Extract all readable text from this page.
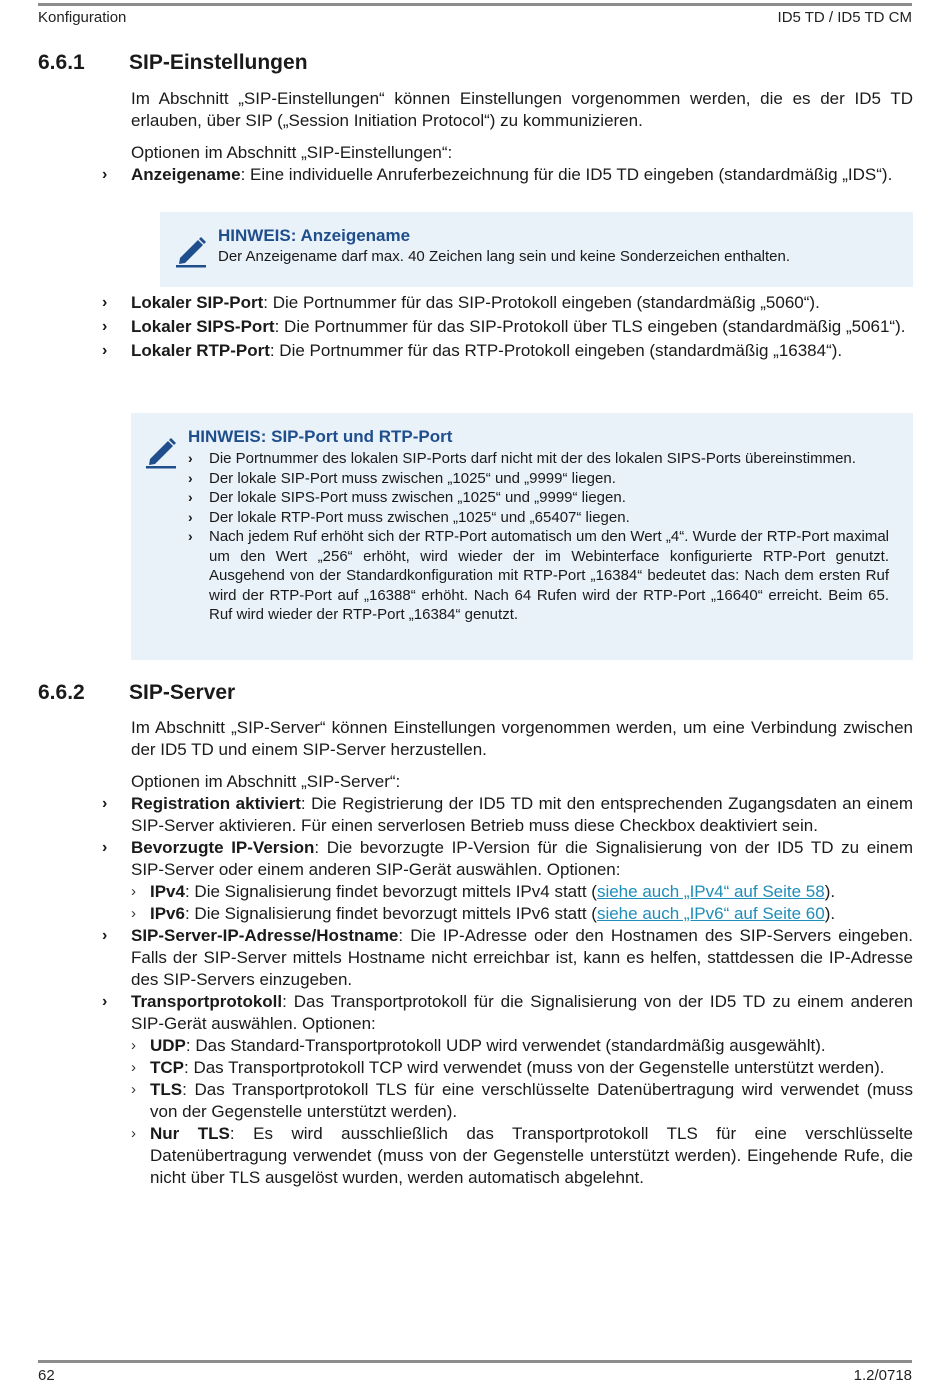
Konfiguration	ID5 TD / ID5 TD CM
6.6.1 SIP-Einstellungen

Im Abschnitt „SIP-Einstellungen“ können Einstellungen vorgenommen werden, die es der ID5 TD erlauben, über SIP („Session Initiation Protocol“) zu kommunizieren.

Optionen im Abschnitt „SIP-Einstellungen“:

› Anzeigename: Eine individuelle Anruferbezeichnung für die ID5 TD eingeben (standardmäßig „IDS“).
HINWEIS: Anzeigename
Der Anzeigename darf max. 40 Zeichen lang sein und keine Sonderzeichen enthalten.
› Lokaler SIP-Port: Die Portnummer für das SIP-Protokoll eingeben (standardmäßig „5060“).
› Lokaler SIPS-Port: Die Portnummer für das SIP-Protokoll über TLS eingeben (standardmäßig „5061“).
› Lokaler RTP-Port: Die Portnummer für das RTP-Protokoll eingeben (standardmäßig „16384“).
HINWEIS: SIP-Port und RTP-Port
› Die Portnummer des lokalen SIP-Ports darf nicht mit der des lokalen SIPS-Ports übereinstimmen.
› Der lokale SIP-Port muss zwischen „1025“ und „9999“ liegen.
› Der lokale SIPS-Port muss zwischen „1025“ und „9999“ liegen.
› Der lokale RTP-Port muss zwischen „1025“ und „65407“ liegen.
› Nach jedem Ruf erhöht sich der RTP-Port automatisch um den Wert „4“. Wurde der RTP-Port maximal um den Wert „256“ erhöht, wird wieder der im Webinterface konfigurierte RTP-Port genutzt. Ausgehend von der Standardkonfiguration mit RTP-Port „16384“ bedeutet das: Nach dem ersten Ruf wird der RTP-Port auf „16388“ erhöht. Nach 64 Rufen wird der RTP-Port „16640“ erreicht. Beim 65. Ruf wird wieder der RTP-Port „16384“ genutzt.
6.6.2 SIP-Server

Im Abschnitt „SIP-Server“ können Einstellungen vorgenommen werden, um eine Verbindung zwischen der ID5 TD und einem SIP-Server herzustellen.

Optionen im Abschnitt „SIP-Server“:

› Registration aktiviert: Die Registrierung der ID5 TD mit den entsprechenden Zugangsdaten an einem SIP-Server aktivieren. Für einen serverlosen Betrieb muss diese Checkbox deaktiviert sein.
› Bevorzugte IP-Version: Die bevorzugte IP-Version für die Signalisierung von der ID5 TD zu einem SIP-Server oder einem anderen SIP-Gerät auswählen. Optionen:
› IPv4: Die Signalisierung findet bevorzugt mittels IPv4 statt (siehe auch „IPv4“ auf Seite 58).
› IPv6: Die Signalisierung findet bevorzugt mittels IPv6 statt (siehe auch „IPv6“ auf Seite 60).
› SIP-Server-IP-Adresse/Hostname: Die IP-Adresse oder den Hostnamen des SIP-Servers eingeben. Falls der SIP-Server mittels Hostname nicht erreichbar ist, kann es helfen, stattdessen die IP-Adresse des SIP-Servers einzugeben.
› Transportprotokoll: Das Transportprotokoll für die Signalisierung von der ID5 TD zu einem anderen SIP-Gerät auswählen. Optionen:
› UDP: Das Standard-Transportprotokoll UDP wird verwendet (standardmäßig ausgewählt).
› TCP: Das Transportprotokoll TCP wird verwendet (muss von der Gegenstelle unterstützt werden).
› TLS: Das Transportprotokoll TLS für eine verschlüsselte Datenübertragung wird verwendet (muss von der Gegenstelle unterstützt werden).
› Nur TLS: Es wird ausschließlich das Transportprotokoll TLS für eine verschlüsselte Datenübertragung verwendet (muss von der Gegenstelle unterstützt werden). Eingehende Rufe, die nicht über TLS ausgelöst wurden, werden automatisch abgelehnt.
62	1.2/0718
